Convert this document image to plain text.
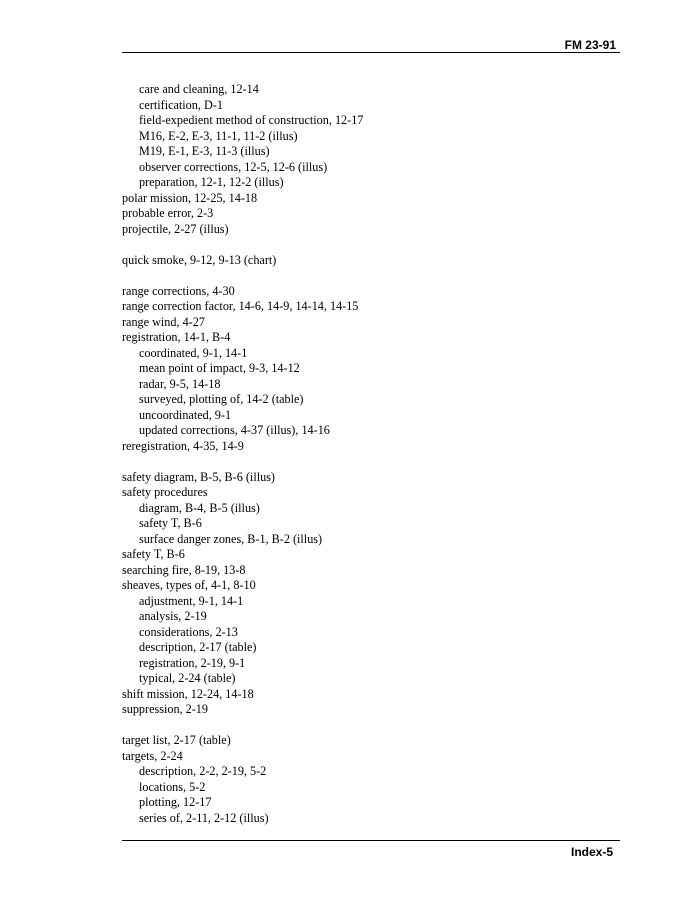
FM 23-91
care and cleaning, 12-14
certification, D-1
field-expedient method of construction, 12-17
M16, E-2, E-3, 11-1, 11-2 (illus)
M19, E-1, E-3, 11-3 (illus)
observer corrections, 12-5, 12-6 (illus)
preparation, 12-1, 12-2 (illus)
polar mission, 12-25, 14-18
probable error, 2-3
projectile, 2-27 (illus)
quick smoke, 9-12, 9-13 (chart)
range corrections, 4-30
range correction factor, 14-6, 14-9, 14-14, 14-15
range wind, 4-27
registration, 14-1, B-4
coordinated, 9-1, 14-1
mean point of impact, 9-3, 14-12
radar, 9-5, 14-18
surveyed, plotting of, 14-2 (table)
uncoordinated, 9-1
updated corrections, 4-37 (illus), 14-16
reregistration, 4-35, 14-9
safety diagram, B-5, B-6 (illus)
safety procedures
diagram, B-4, B-5 (illus)
safety T, B-6
surface danger zones, B-1, B-2 (illus)
safety T, B-6
searching fire, 8-19, 13-8
sheaves, types of, 4-1, 8-10
adjustment, 9-1, 14-1
analysis, 2-19
considerations, 2-13
description, 2-17 (table)
registration, 2-19, 9-1
typical, 2-24 (table)
shift mission, 12-24, 14-18
suppression, 2-19
target list, 2-17 (table)
targets, 2-24
description, 2-2, 2-19, 5-2
locations, 5-2
plotting, 12-17
series of, 2-11, 2-12 (illus)
Index-5
